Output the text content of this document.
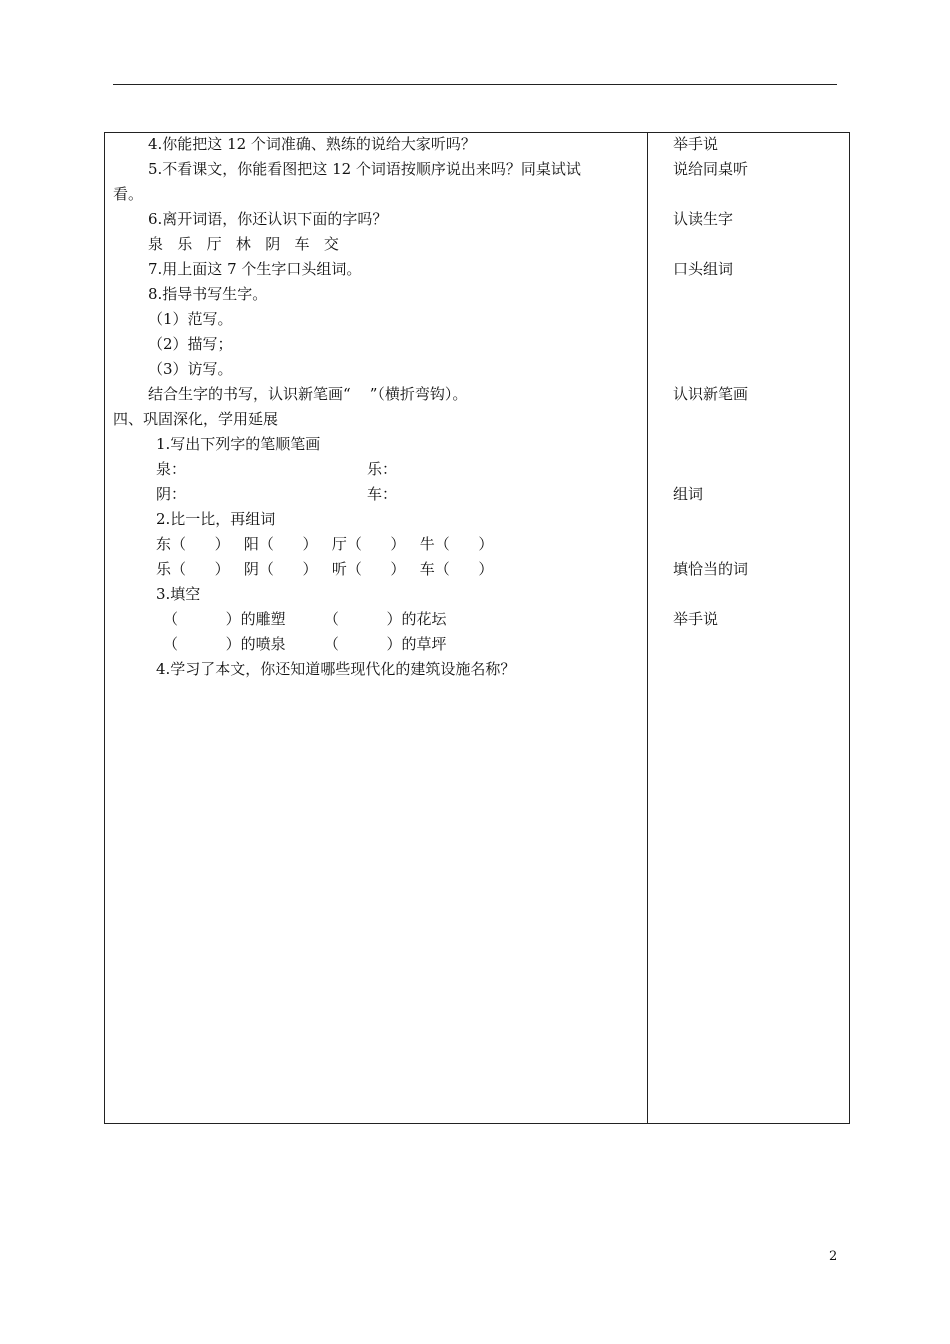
4.你能把这 12 个词准确、熟练的说给大家听吗？
5.不看课文，你能看图把这 12 个词语按顺序说出来吗？同桌试试
看。
6.离开词语，你还认识下面的字吗？
泉   乐   厅   林   阴   车   交
7.用上面这 7 个生字口头组词。
8.指导书写生字。
（1）范写。
（2）描写；
（3）访写。
结合生字的书写，认识新笔画“    ”（横折弯钩）。
四、巩固深化，学用延展
1.写出下列字的笔顺笔画
泉：	乐：
阴：	车：
2.比一比，再组词
东（      ）   阳（      ）   厅（      ）   牛（      ）
乐（      ）   阴（      ）   听（      ）   车（      ）
3.填空
（          ）的雕塑        （          ）的花坛
（          ）的喷泉        （          ）的草坪
4.学习了本文，你还知道哪些现代化的建筑设施名称？
举手说
说给同桌听
认读生字
口头组词
认识新笔画
组词
填恰当的词
举手说
2
